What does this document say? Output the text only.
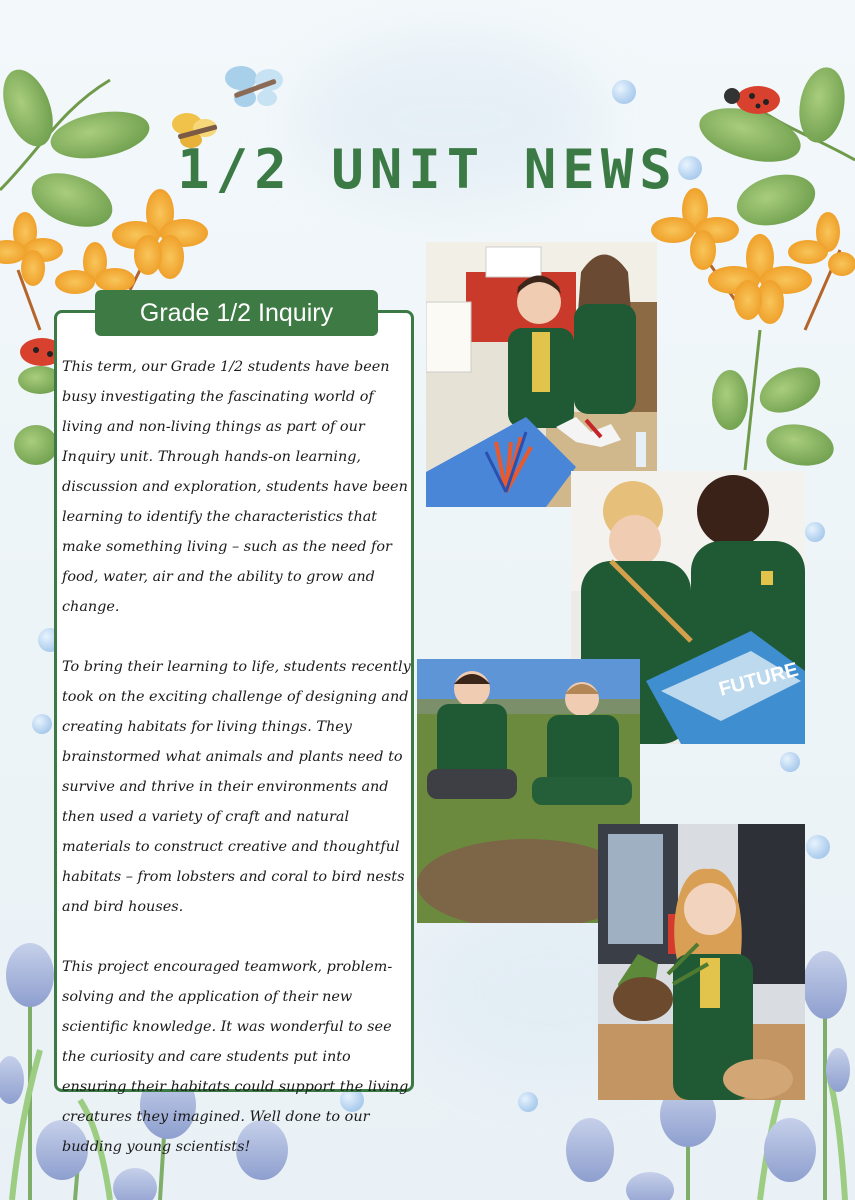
1/2 UNIT NEWS
Grade 1/2 Inquiry

This term, our Grade 1/2 students have been busy investigating the fascinating world of living and non-living things as part of our Inquiry unit. Through hands-on learning, discussion and exploration, students have been learning to identify the characteristics that make something living – such as the need for food, water, air and the ability to grow and change.

To bring their learning to life, students recently took on the exciting challenge of designing and creating habitats for living things. They brainstormed what animals and plants need to survive and thrive in their environments and then used a variety of craft and natural materials to construct creative and thoughtful habitats – from lobsters and coral to bird nests and bird houses.

This project encouraged teamwork, problem-solving and the application of their new scientific knowledge. It was wonderful to see the curiosity and care students put into ensuring their habitats could support the living creatures they imagined. Well done to our budding young scientists!

FUTURE
